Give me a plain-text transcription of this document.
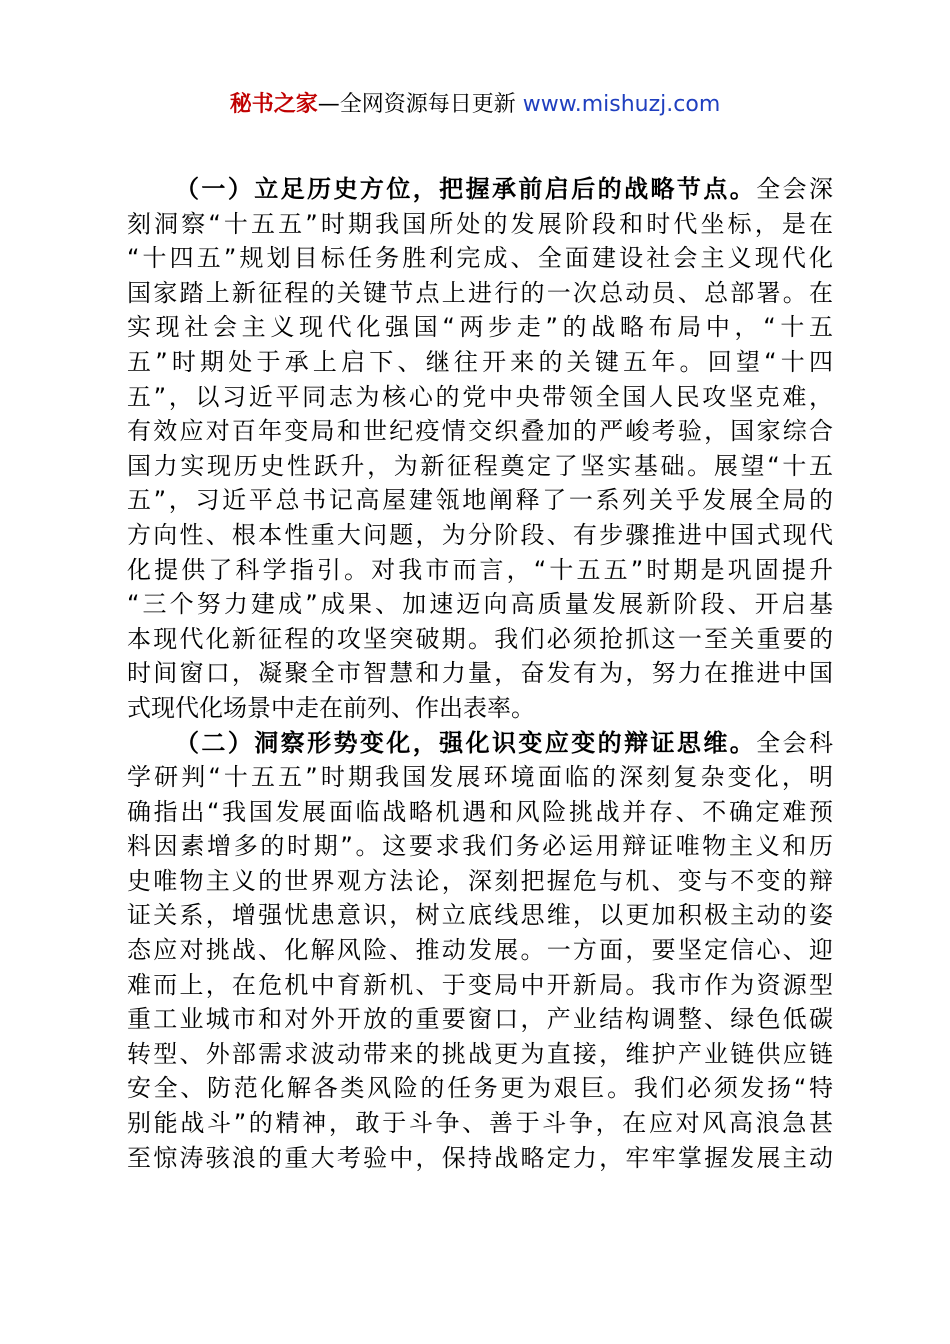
秘书之家—全网资源每日更新 www.mishuzj.com
（一）立足历史方位，把握承前启后的战略节点。全会深
刻洞察“十五五”时期我国所处的发展阶段和时代坐标，是在
“十四五”规划目标任务胜利完成、全面建设社会主义现代化
国家踏上新征程的关键节点上进行的一次总动员、总部署。在
实现社会主义现代化强国“两步走”的战略布局中，“十五
五”时期处于承上启下、继往开来的关键五年。回望“十四
五”，以习近平同志为核心的党中央带领全国人民攻坚克难，
有效应对百年变局和世纪疫情交织叠加的严峻考验，国家综合
国力实现历史性跃升，为新征程奠定了坚实基础。展望“十五
五”，习近平总书记高屋建瓴地阐释了一系列关乎发展全局的
方向性、根本性重大问题，为分阶段、有步骤推进中国式现代
化提供了科学指引。对我市而言，“十五五”时期是巩固提升
“三个努力建成”成果、加速迈向高质量发展新阶段、开启基
本现代化新征程的攻坚突破期。我们必须抢抓这一至关重要的
时间窗口，凝聚全市智慧和力量，奋发有为，努力在推进中国
式现代化场景中走在前列、作出表率。
（二）洞察形势变化，强化识变应变的辩证思维。全会科
学研判“十五五”时期我国发展环境面临的深刻复杂变化，明
确指出“我国发展面临战略机遇和风险挑战并存、不确定难预
料因素增多的时期”。这要求我们务必运用辩证唯物主义和历
史唯物主义的世界观方法论，深刻把握危与机、变与不变的辩
证关系，增强忧患意识，树立底线思维，以更加积极主动的姿
态应对挑战、化解风险、推动发展。一方面，要坚定信心、迎
难而上，在危机中育新机、于变局中开新局。我市作为资源型
重工业城市和对外开放的重要窗口，产业结构调整、绿色低碳
转型、外部需求波动带来的挑战更为直接，维护产业链供应链
安全、防范化解各类风险的任务更为艰巨。我们必须发扬“特
别能战斗”的精神，敢于斗争、善于斗争，在应对风高浪急甚
至惊涛骇浪的重大考验中，保持战略定力，牢牢掌握发展主动
